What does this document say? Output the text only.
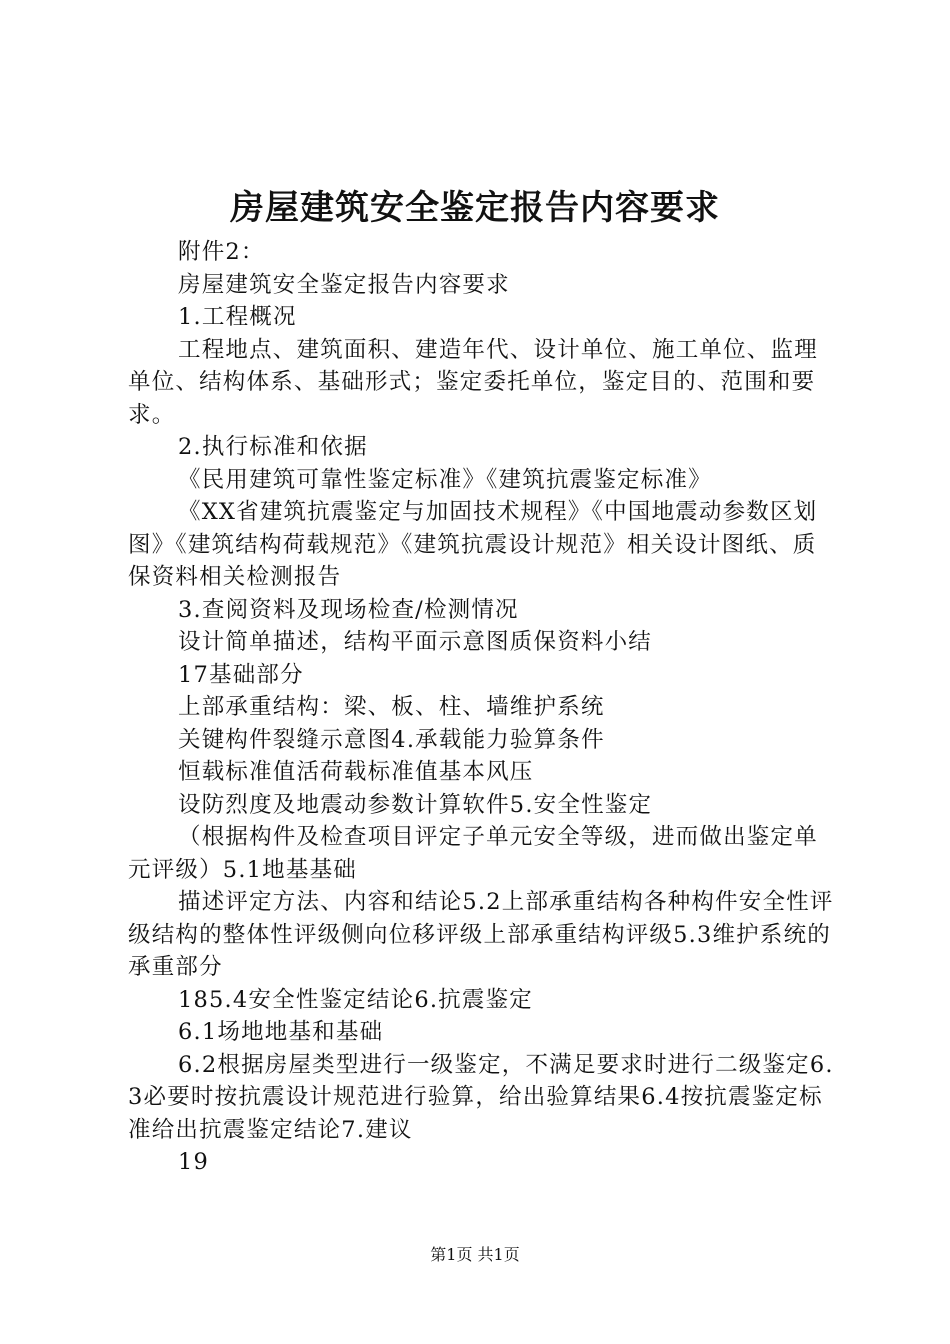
房屋建筑安全鉴定报告内容要求

附件2：

房屋建筑安全鉴定报告内容要求

1.工程概况

工程地点、建筑面积、建造年代、设计单位、施工单位、监理单位、结构体系、基础形式；鉴定委托单位，鉴定目的、范围和要求。

2.执行标准和依据

《民用建筑可靠性鉴定标准》《建筑抗震鉴定标准》

《XX省建筑抗震鉴定与加固技术规程》《中国地震动参数区划图》《建筑结构荷载规范》《建筑抗震设计规范》相关设计图纸、质保资料相关检测报告

3.查阅资料及现场检查/检测情况

设计简单描述，结构平面示意图质保资料小结

17基础部分

上部承重结构：梁、板、柱、墙维护系统

关键构件裂缝示意图4.承载能力验算条件

恒载标准值活荷载标准值基本风压

设防烈度及地震动参数计算软件5.安全性鉴定

（根据构件及检查项目评定子单元安全等级，进而做出鉴定单元评级）5.1地基基础

描述评定方法、内容和结论5.2上部承重结构各种构件安全性评级结构的整体性评级侧向位移评级上部承重结构评级5.3维护系统的承重部分

185.4安全性鉴定结论6.抗震鉴定

6.1场地地基和基础

6.2根据房屋类型进行一级鉴定，不满足要求时进行二级鉴定6.3必要时按抗震设计规范进行验算，给出验算结果6.4按抗震鉴定标准给出抗震鉴定结论7.建议

19

第1页 共1页
